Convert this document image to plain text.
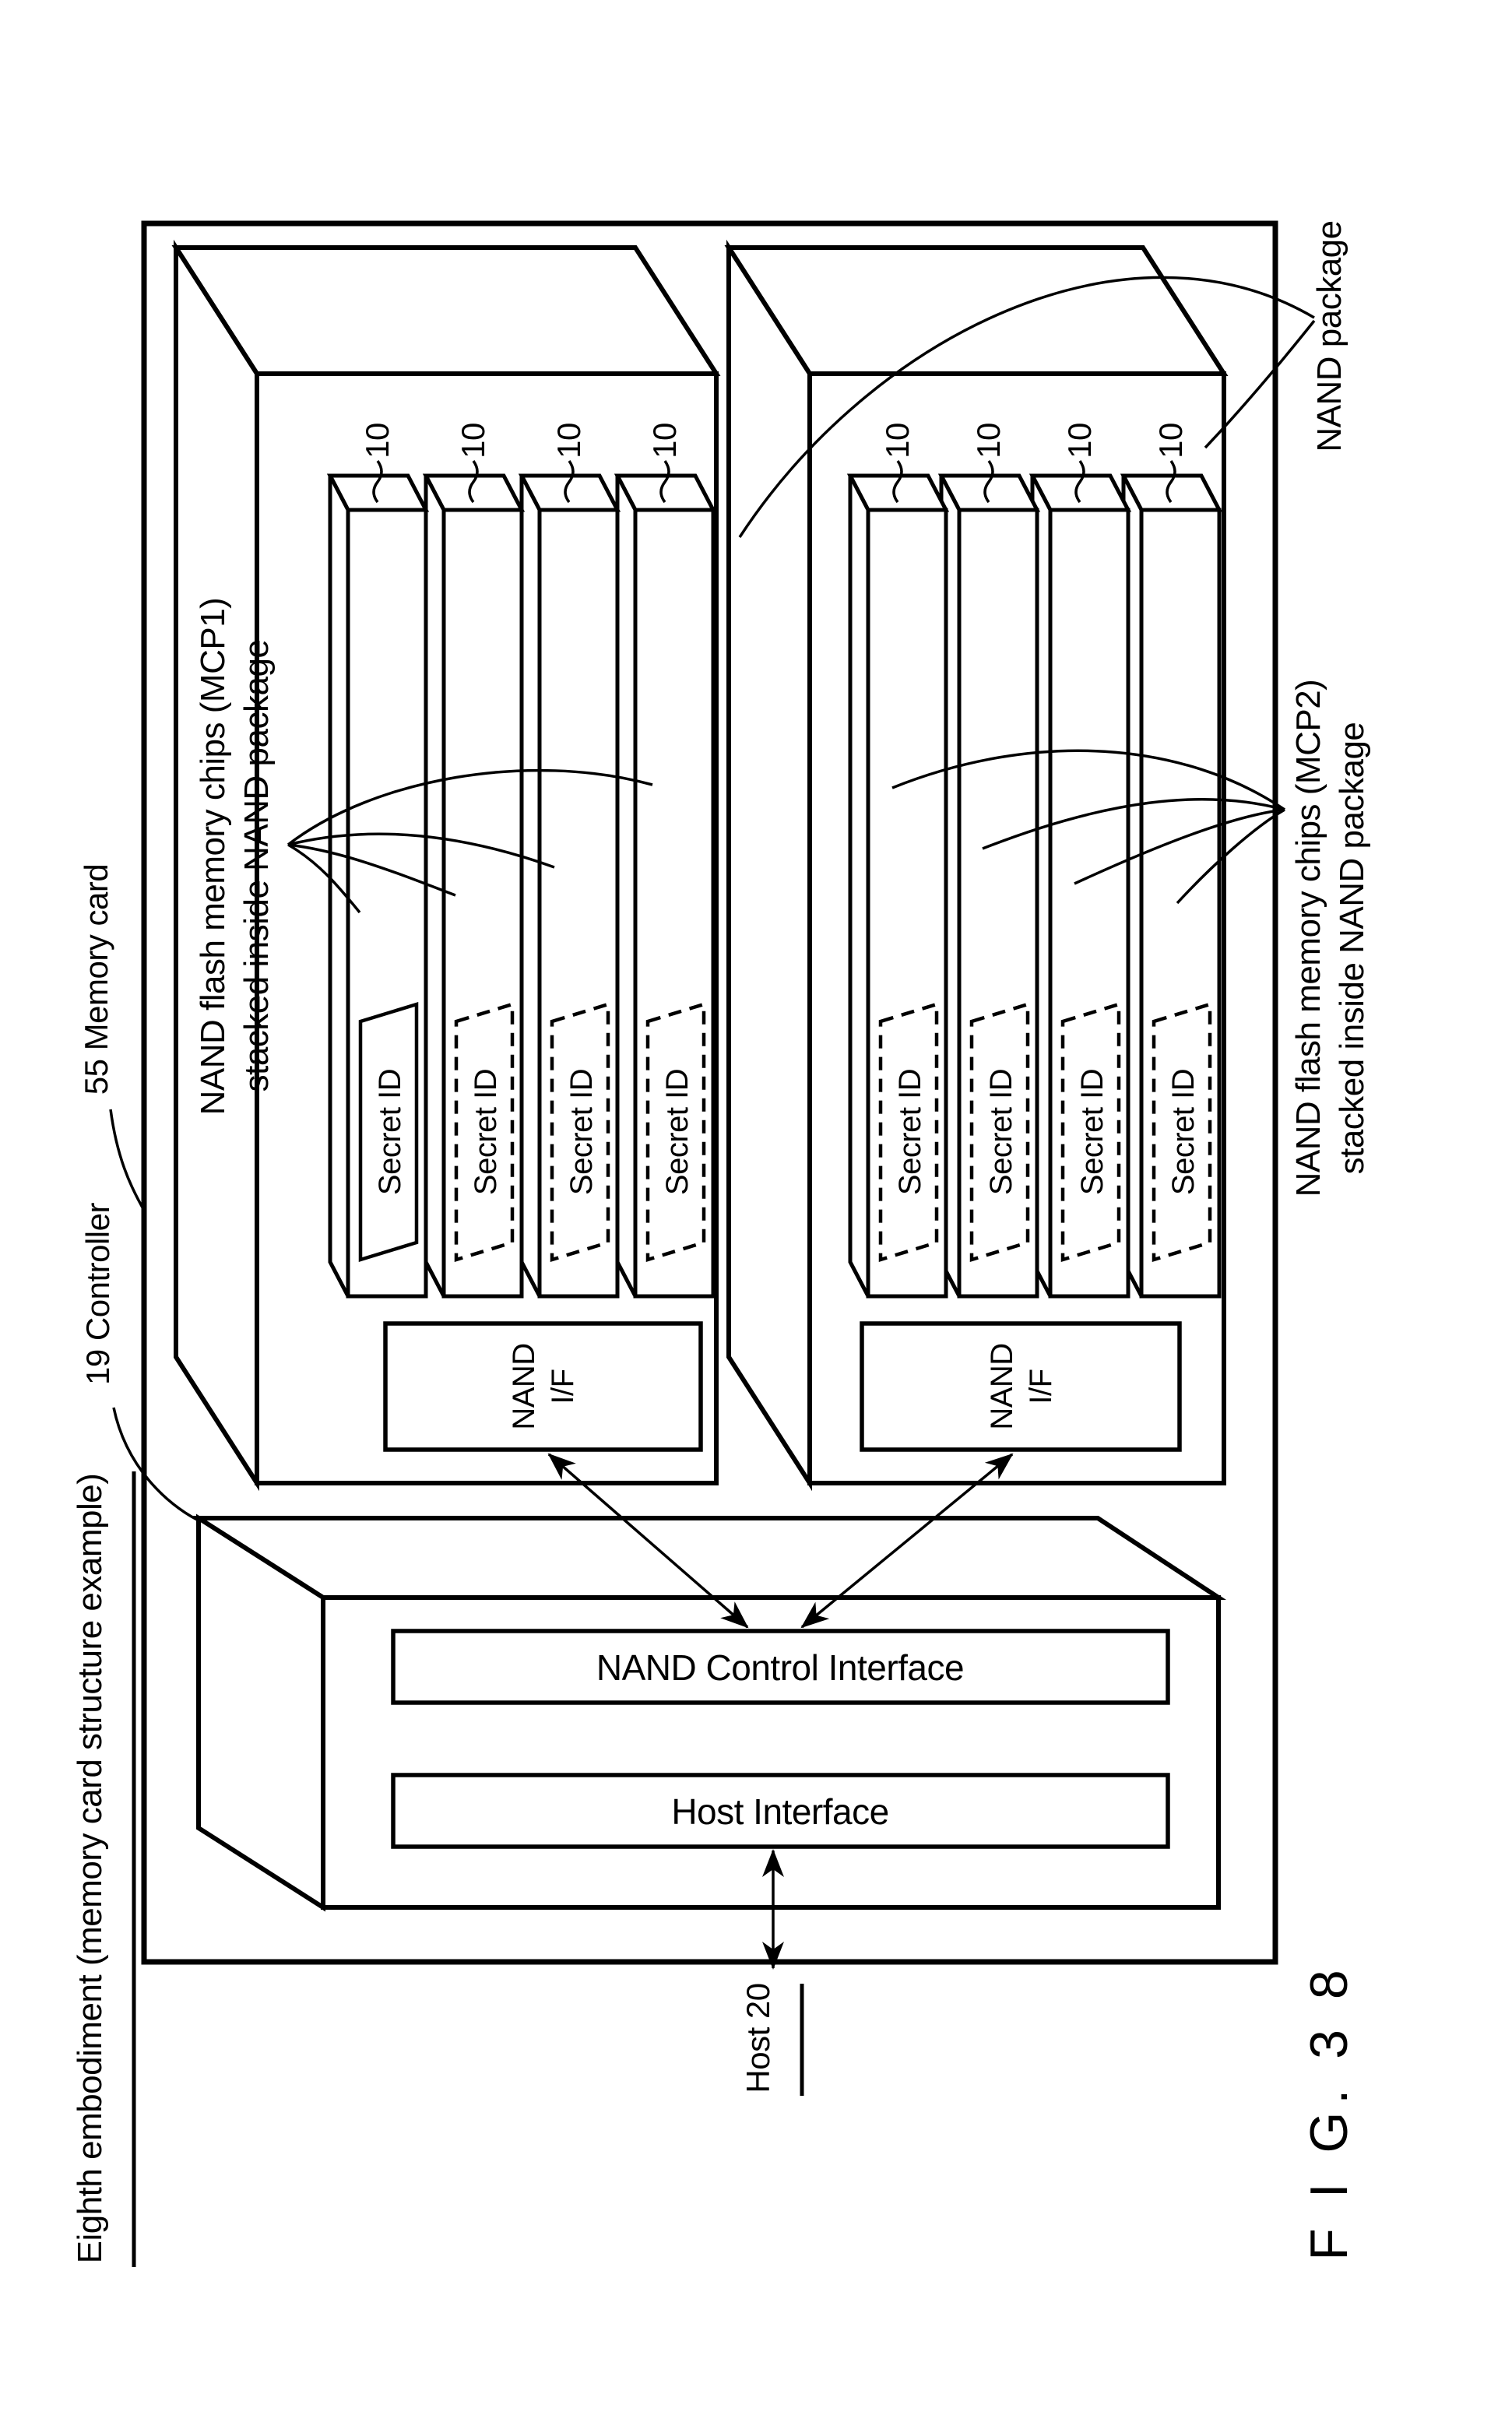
Eighth embodiment (memory card structure example)
55 Memory card
19 Controller
10
Secret ID
10
Secret ID
10
Secret ID
10
Secret ID
10
Secret ID
10
Secret ID
10
Secret ID
10
Secret ID
NAND flash memory chips (MCP1) stacked inside NAND package	NAND flash memory chips (MCP2) stacked inside NAND package
NAND package
NAND I/F	NAND I/F
NAND Control Interface
Host Interface
Host 20	F I G. 3 8
